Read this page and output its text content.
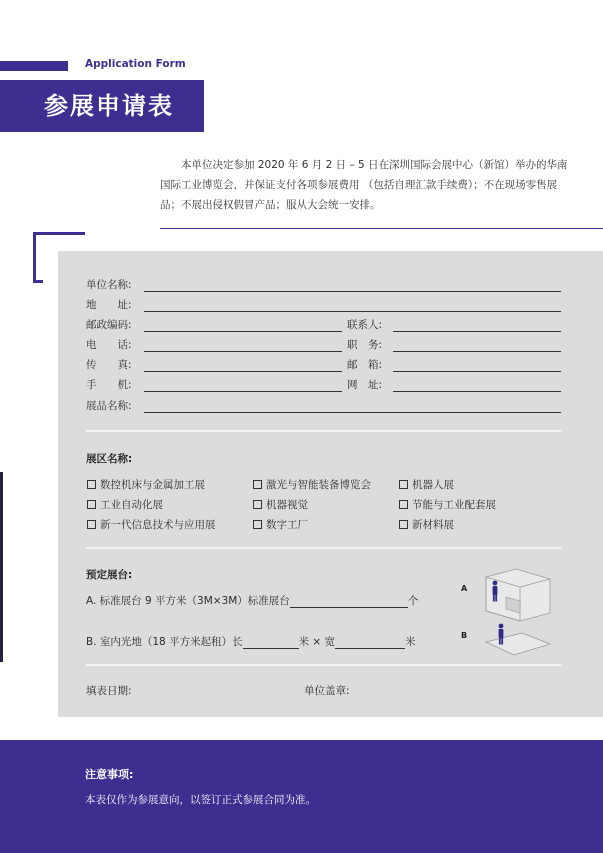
Application Form
参展申请表

本单位决定参加 2020 年 6 月 2 日 – 5 日在深圳国际会展中心（新馆）举办的华南国际工业博览会，并保证支付各项参展费用 （包括自理汇款手续费）；不在现场零售展品；不展出侵权假冒产品；服从大会统一安排。

单位名称:
地　　址:
邮政编码:	联系人:
电　　话:	职　务:
传　　真:	邮　箱:
手　　机:	网　址:
展品名称:
展区名称:
数控机床与金属加工展	激光与智能装备博览会	机器人展
工业自动化展	机器视觉	节能与工业配套展
新一代信息技术与应用展	数字工厂	新材料展
预定展台:
A. 标准展台 9 平方米（3M×3M）标准展台	个
B. 室内光地（18 平方米起租）长	米 × 宽	米
A
B
填表日期:	单位盖章:
注意事项:
本表仅作为参展意向，以签订正式参展合同为准。
